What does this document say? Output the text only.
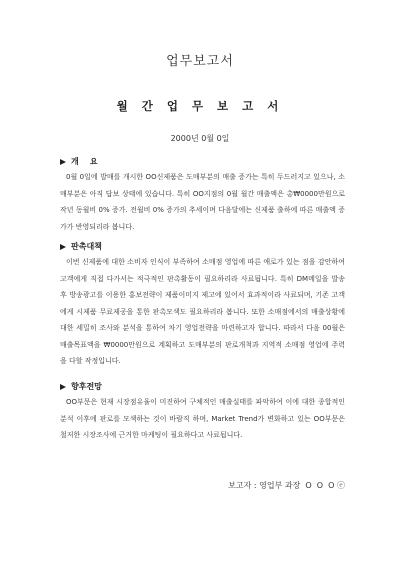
업무보고서
월 간 업 무 보 고 서
2000년 0월 0일
개    요
0월 0일에 발매를 개시한 OO신제품은 도매부분의 매출 증가는 특히 두드러지고 있으나, 소매부분은 아직 답보 상태에 있습니다. 특히 OO지점의 0월 월간 매출액은 총₩0000만원으로 작년 동월비 0% 증가. 전월비 0% 증가의 추세이며 다음달에는 신제품 출하에 따른 매출액 증가가 반영되리라 봅니다.
판촉대책
이번 신제품에 대한 소비자 인식이 부족하여 소매점 영업에 따른 애로가 있는 점을 감안하여 고객에게 직접 다가서는 적극적인 판촉활동이 필요하리라 사료됩니다. 특히 DM메일을 발송 후 방송광고를 이용한 홍보전략이 제품이미지 제고에 있어서 효과적이라 사료되며, 기존 고객에게 시제품 무료제공을 통한 판촉모색도 필요하리라 봅니다. 또한 소매점에서의 매출상황에 대한 세밀히 조사와 분석을 통하여 차기 영업전략을 마련하고자 합니다. 따라서 다음 00월은 매출목표액을 ₩0000만원으로 계획하고 도매부분의 판로개척과 지역적 소매점 영업에 주력을 다할 작정입니다.
향후전망
OO부문은 현재 시장점유율이 미진하여 구체적인 매출실태를 파악하여 이에 대한 종합적인 분석 이후에 판로를 모색하는 것이 바람직 하며, Market Trend가 변화하고 있는 OO부문은 철저한 시장조사에 근거한 마케팅이 필요하다고 사료됩니다.
보고자 : 영업부 과장  O  O  O ⓔ
